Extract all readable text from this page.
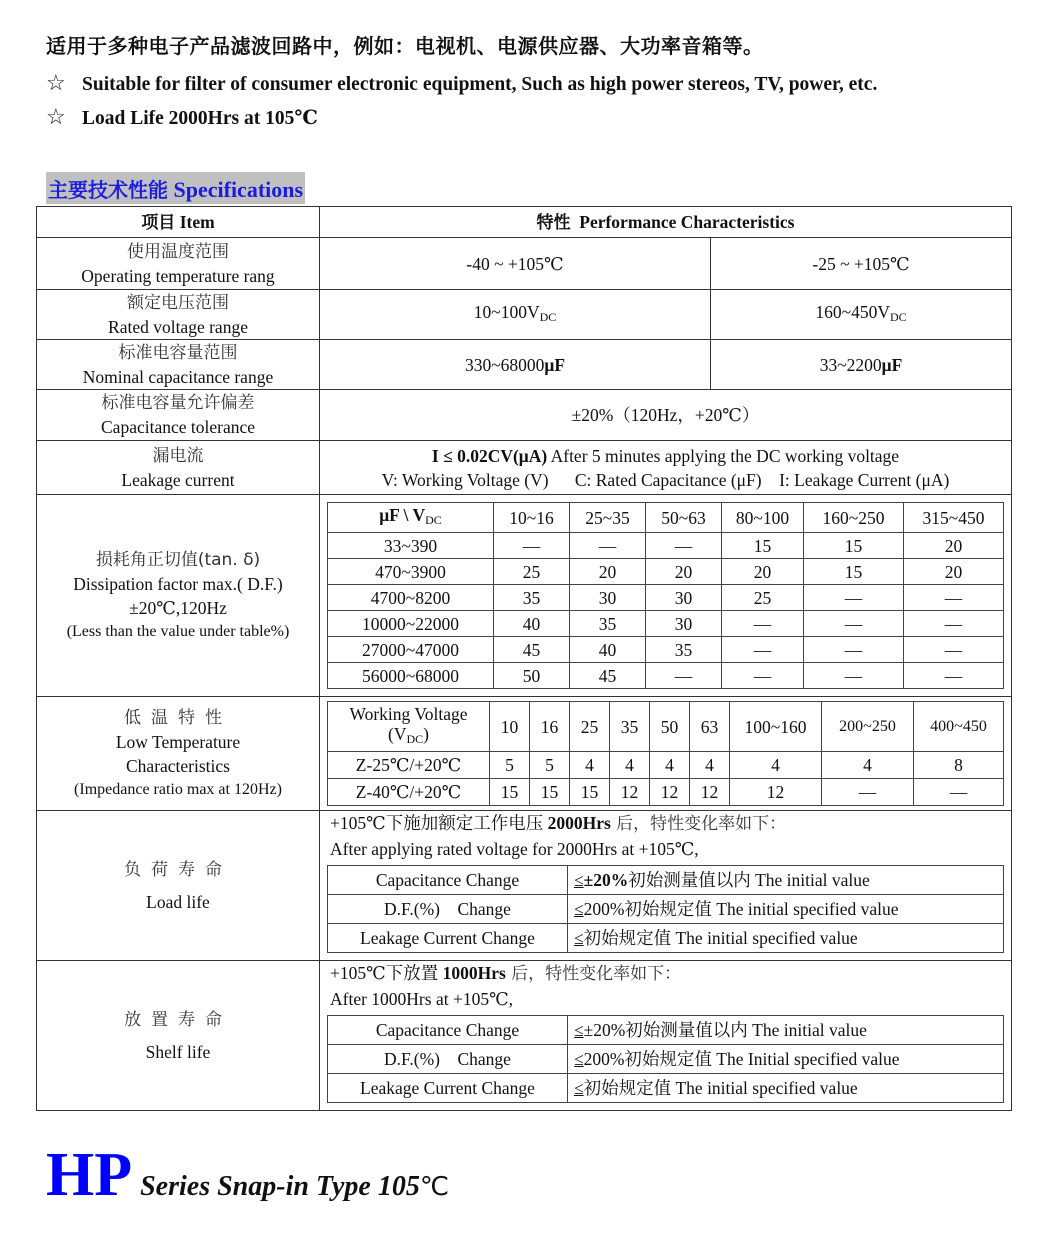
适用于多种电子产品滤波回路中，例如：电视机、电源供应器、大功率音箱等。
☆ Suitable for filter of consumer electronic equipment, Such as high power stereos, TV, power, etc.
☆ Load Life 2000Hrs at 105℃
主要技术性能 Specifications
项目 Item	特性 Performance Characteristics

使用温度范围
Operating temperature rang
	-40 ~ +105℃	-25 ~ +105℃

额定电压范围
Rated voltage range
	$10\sim 100V_{DC}$	$160\sim 450V_{DC}$

标准电容量范围
Nominal capacitance range
	330~68000μF	33~2200μF

标准电容量允许偏差
Capacitance tolerance
	±20%（120Hz，+20℃）

漏电流
Leakage current

I ≤ 0.02CV(μA) After 5 minutes applying the DC working voltage
V: Working Voltage (V)      C: Rated Capacitance (μF)    I: Leakage Current (μA)

损耗角正切值(tan. δ)
Dissipation factor max.( D.F.)
±20℃,120Hz
(Less than the value under table%)

μF \ $V_{DC}$	10~16	25~35	50~63	80~100	160~250	315~450
33~390	—	—	—	15	15	20
470~3900	25	20	20	20	15	20
4700~8200	35	30	30	25	—	—
10000~22000	40	35	30	—	—	—
27000~47000	45	40	35	—	—	—
56000~68000	50	45	—	—	—	—

低温特性
Low Temperature
Characteristics
(Impedance ratio max at 120Hz)

Working Voltage
$(V_{DC})$	10	16	25	35	50	63	100~160	200~250	400~450
Z-25℃/+20℃	5	5	4	4	4	4	4	4	8
Z-40℃/+20℃	15	15	15	12	12	12	12	—	—

负荷寿命
Load life

+105℃下施加额定工作电压 2000Hrs 后，特性变化率如下：
After applying rated voltage for 2000Hrs at +105℃,
Capacitance Change	≤±20%初始测量值以内 The initial value
D.F.(%)    Change	≤200%初始规定值 The initial specified value
Leakage Current Change	≤初始规定值 The initial specified value

放置寿命
Shelf life

+105℃下放置 1000Hrs 后，特性变化率如下：
After 1000Hrs at +105℃,
Capacitance Change	≤±20%初始测量值以内 The initial value
D.F.(%)    Change	≤200%初始规定值 The Initial specified value
Leakage Current Change	≤初始规定值 The initial specified value
HP Series Snap-in Type 105℃
